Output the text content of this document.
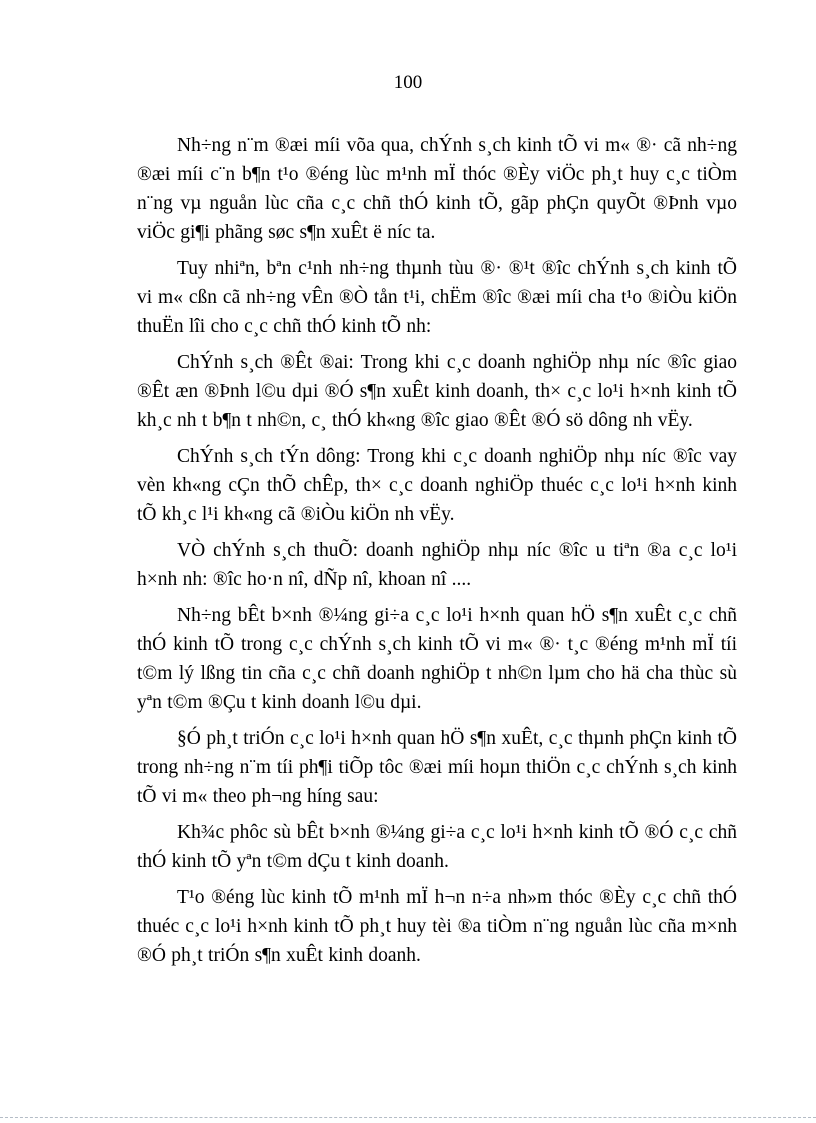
100

Nh÷ng n¨m ®æi míi võa qua, chÝnh s¸ch kinh tÕ vi m« ®· cã nh÷ng ®æi míi c¨n b¶n t¹o ®éng lùc m¹nh mÏ thóc ®Èy viÖc ph¸t huy c¸c tiÒm n¨ng vµ nguån lùc cña c¸c chñ thÓ kinh tÕ, gãp phÇn quyÕt ®Þnh vµo viÖc gi¶i phãng søc s¶n xuÊt ë níc ta.

Tuy nhiªn, bªn c¹nh nh÷ng thµnh tùu ®· ®¹t ®îc chÝnh s¸ch kinh tÕ vi m« cßn cã nh÷ng vÊn ®Ò tån t¹i, chËm ®îc ®æi míi cha t¹o ®iÒu kiÖn thuËn lîi cho c¸c chñ thÓ kinh tÕ nh:

ChÝnh s¸ch ®Êt ®ai: Trong khi c¸c doanh nghiÖp nhµ níc ®îc giao ®Êt æn ®Þnh l©u dµi ®Ó s¶n xuÊt kinh doanh, th× c¸c lo¹i h×nh kinh tÕ kh¸c nh t b¶n t nh©n, c¸ thÓ kh«ng ®îc giao ®Êt ®Ó sö dông nh vËy.

ChÝnh s¸ch tÝn dông: Trong khi c¸c doanh nghiÖp nhµ níc ®îc vay vèn kh«ng cÇn thÕ chÊp, th× c¸c doanh nghiÖp thuéc c¸c lo¹i h×nh kinh tÕ kh¸c l¹i kh«ng cã ®iÒu kiÖn nh vËy.

VÒ chÝnh s¸ch thuÕ: doanh nghiÖp nhµ níc ®îc u tiªn ®a c¸c lo¹i h×nh nh: ®îc ho·n nî, dÑp nî, khoan nî ....

Nh÷ng bÊt b×nh ®¼ng gi÷a c¸c lo¹i h×nh quan hÖ s¶n xuÊt c¸c chñ thÓ kinh tÕ trong c¸c chÝnh s¸ch kinh tÕ vi m« ®· t¸c ®éng m¹nh mÏ tíi t©m lý lßng tin cña c¸c chñ doanh nghiÖp t nh©n lµm cho hä cha thùc sù yªn t©m ®Çu t kinh doanh l©u dµi.

§Ó ph¸t triÓn c¸c lo¹i h×nh quan hÖ s¶n xuÊt, c¸c thµnh phÇn kinh tÕ trong nh÷ng n¨m tíi ph¶i tiÕp tôc ®æi míi hoµn thiÖn c¸c chÝnh s¸ch kinh tÕ vi m« theo ph¬ng híng sau:

Kh¾c phôc sù bÊt b×nh ®¼ng gi÷a c¸c lo¹i h×nh kinh tÕ ®Ó c¸c chñ thÓ kinh tÕ yªn t©m dÇu t kinh doanh.

T¹o ®éng lùc kinh tÕ m¹nh mÏ h¬n n÷a nh»m thóc ®Èy c¸c chñ thÓ thuéc c¸c lo¹i h×nh kinh tÕ ph¸t huy tèi ®a tiÒm n¨ng nguån lùc cña m×nh ®Ó ph¸t triÓn s¶n xuÊt kinh doanh.
